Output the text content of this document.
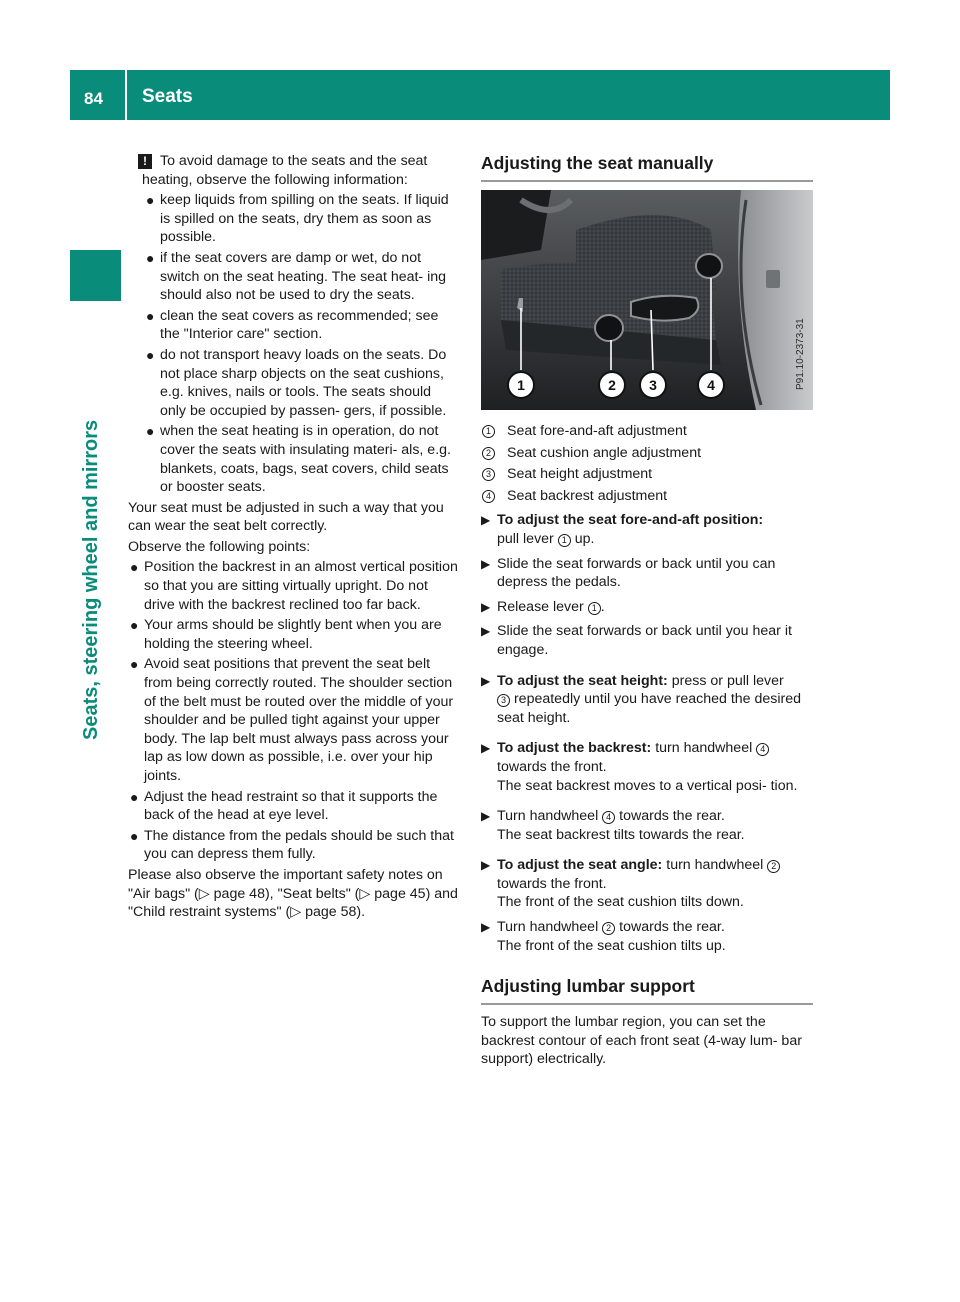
84 Seats
Seats, steering wheel and mirrors
! To avoid damage to the seats and the seat heating, observe the following information:
● keep liquids from spilling on the seats. If liquid is spilled on the seats, dry them as soon as possible.
● if the seat covers are damp or wet, do not switch on the seat heating. The seat heat- ing should also not be used to dry the seats.
● clean the seat covers as recommended; see the "Interior care" section.
● do not transport heavy loads on the seats. Do not place sharp objects on the seat cushions, e.g. knives, nails or tools. The seats should only be occupied by passen- gers, if possible.
● when the seat heating is in operation, do not cover the seats with insulating materi- als, e.g. blankets, coats, bags, seat covers, child seats or booster seats.

Your seat must be adjusted in such a way that you can wear the seat belt correctly.

Observe the following points:

● Position the backrest in an almost vertical position so that you are sitting virtually upright. Do not drive with the backrest reclined too far back.
● Your arms should be slightly bent when you are holding the steering wheel.
● Avoid seat positions that prevent the seat belt from being correctly routed. The shoulder section of the belt must be routed over the middle of your shoulder and be pulled tight against your upper body. The lap belt must always pass across your lap as low down as possible, i.e. over your hip joints.
● Adjust the head restraint so that it supports the back of the head at eye level.
● The distance from the pedals should be such that you can depress them fully.

Please also observe the important safety notes on "Air bags" (▷ page 48), "Seat belts" (▷ page 45) and "Child restraint systems" (▷ page 58).

Adjusting the seat manually
1	2 3	4	P91.10-2373-31
1 Seat fore-and-aft adjustment
2 Seat cushion angle adjustment
3 Seat height adjustment
4 Seat backrest adjustment
▶ To adjust the seat fore-and-aft position:
pull lever 1 up.
▶ Slide the seat forwards or back until you can depress the pedals.
▶ Release lever 1 .
▶ Slide the seat forwards or back until you hear it engage.
▶ To adjust the seat height: press or pull lever
3 repeatedly until you have reached the desired seat height.
▶ To adjust the backrest: turn handwheel 4
towards the front.
The seat backrest moves to a vertical posi- tion.
▶ Turn handwheel 4 towards the rear.
The seat backrest tilts towards the rear.
▶ To adjust the seat angle: turn handwheel 2
towards the front.
The front of the seat cushion tilts down.
▶ Turn handwheel 2 towards the rear.
The front of the seat cushion tilts up.
Adjusting lumbar support

To support the lumbar region, you can set the backrest contour of each front seat (4-way lum- bar support) electrically.
